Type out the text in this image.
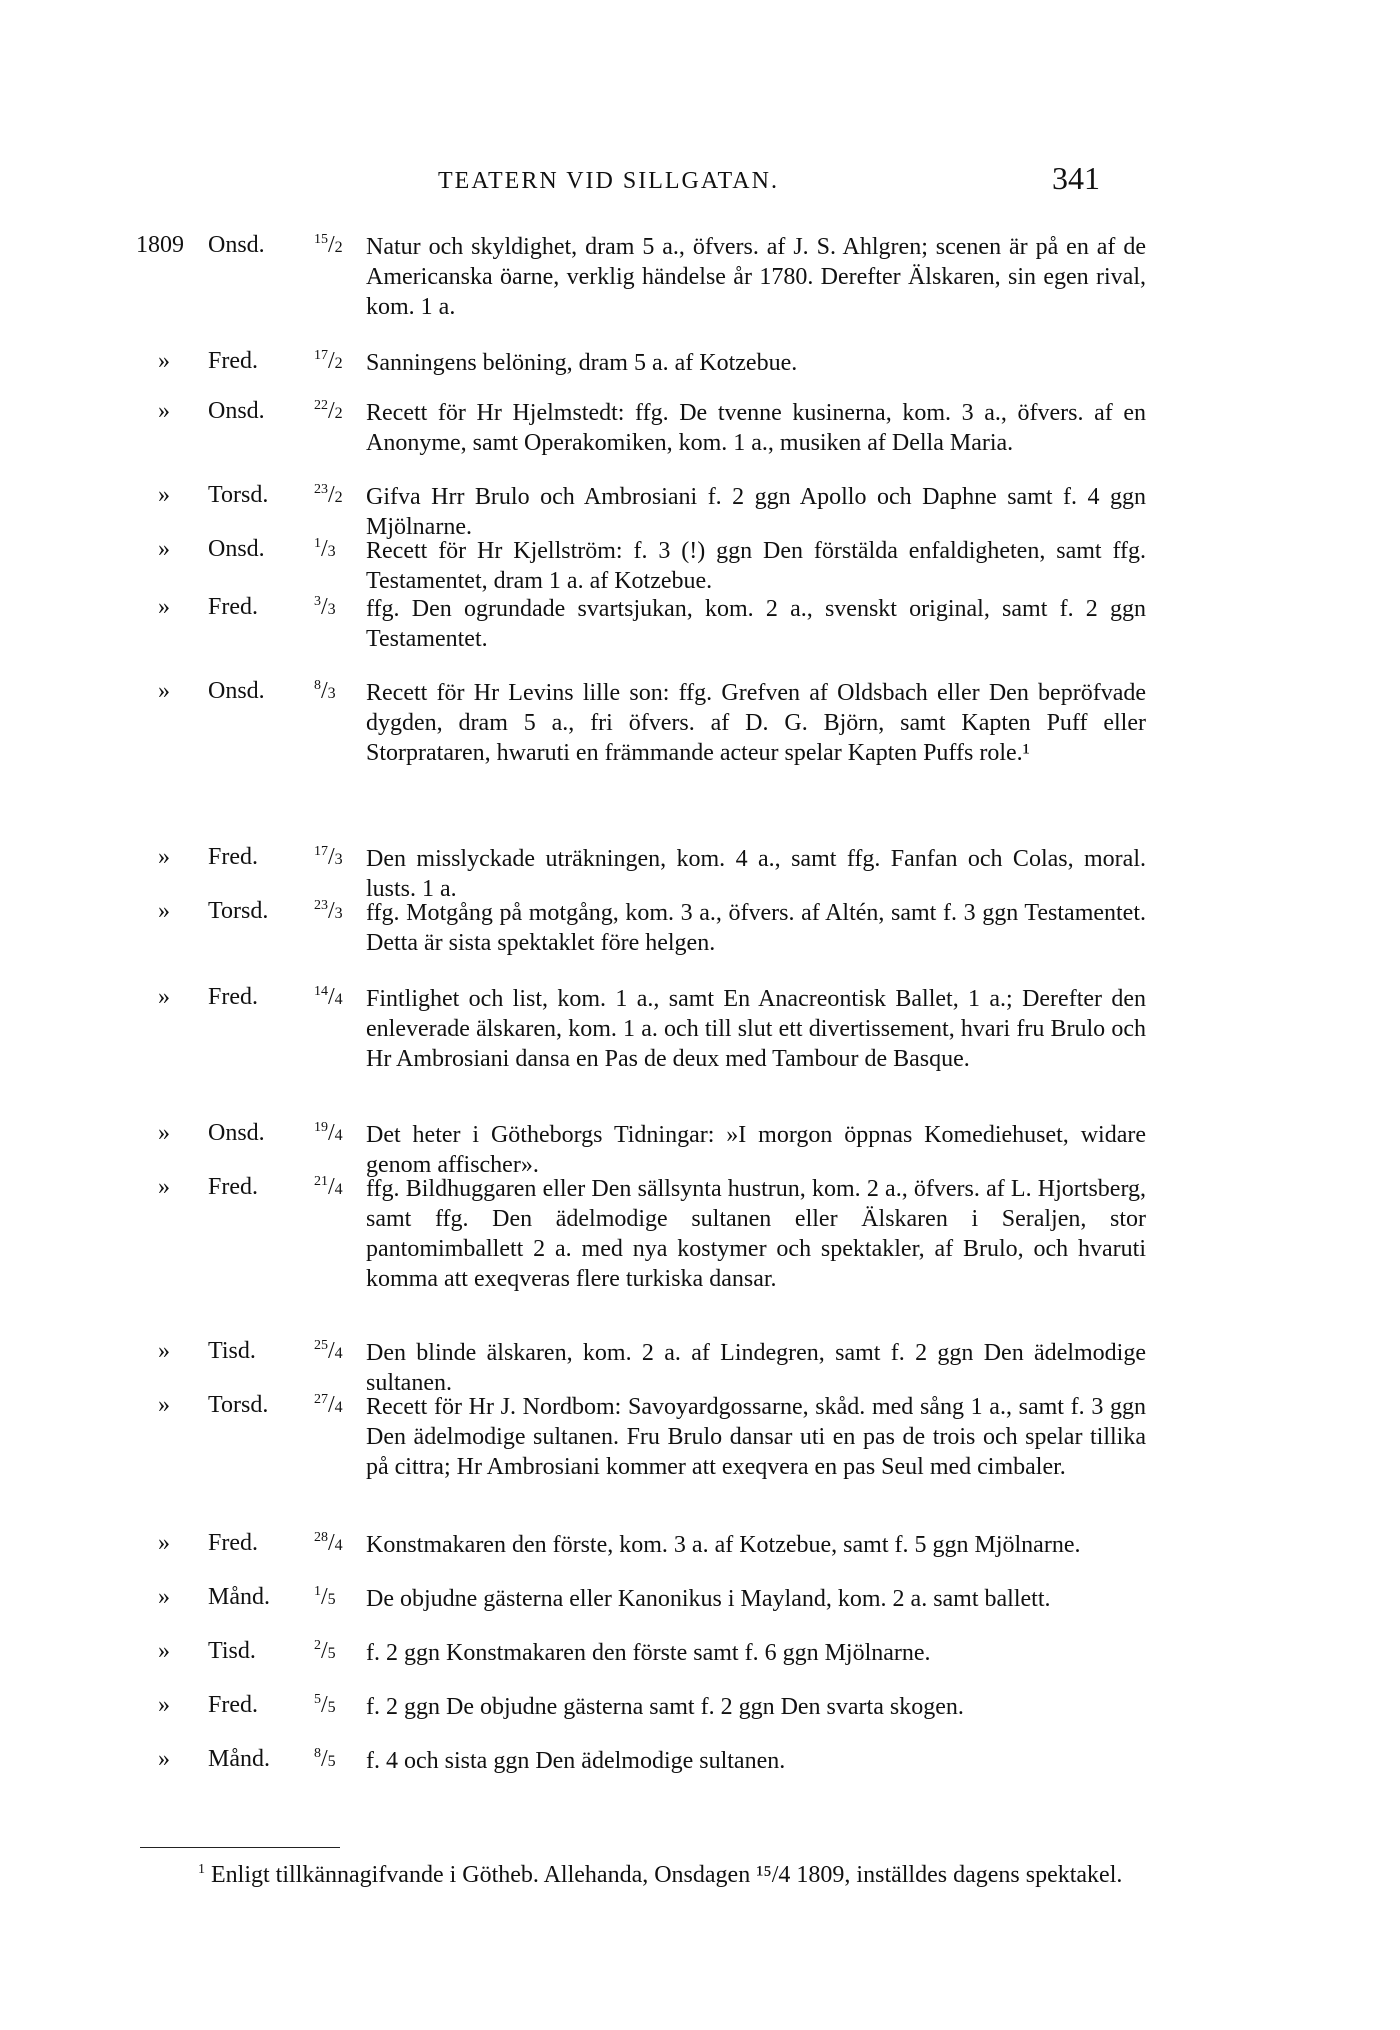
TEATERN VID SILLGATAN.	341
1809 Onsd.	$^{15}$/2 Natur och skyldighet, dram 5 a., öfvers. af J. S. Ahlgren; scenen är på en af de Americanska öarne, verklig händelse år 1780. Derefter Älskaren, sin egen rival, kom. 1 a.
» Fred.	$^{17}$/2 Sanningens belöning, dram 5 a. af Kotzebue.
» Onsd.	$^{22}$/2 Recett för Hr Hjelmstedt: ffg. De tvenne kusinerna, kom. 3 a., öfvers. af en Anonyme, samt Operakomiken, kom. 1 a., musiken af Della Maria.
» Torsd.	$^{23}$/2 Gifva Hrr Brulo och Ambrosiani f. 2 ggn Apollo och Daphne samt f. 4 ggn Mjölnarne.
» Onsd.	$^1$/3	Recett för Hr Kjellström: f. 3 (!) ggn Den förstälda enfaldigheten, samt ffg. Testamentet, dram 1 a. af Kotzebue.
» Fred.	$^3$/3	ffg. Den ogrundade svartsjukan, kom. 2 a., svenskt original, samt f. 2 ggn Testamentet.
» Onsd.	$^8$/3	Recett för Hr Levins lille son: ffg. Grefven af Oldsbach eller Den bepröfvade dygden, dram 5 a., fri öfvers. af D. G. Björn, samt Kapten Puff eller Storprataren, hwaruti en främmande acteur spelar Kapten Puffs role.¹
» Fred.	$^{17}$/3 Den misslyckade uträkningen, kom. 4 a., samt ffg. Fanfan och Colas, moral. lusts. 1 a.
» Torsd.	$^{23}$/3 ffg. Motgång på motgång, kom. 3 a., öfvers. af Altén, samt f. 3 ggn Testamentet. Detta är sista spektaklet före helgen.
» Fred.	$^{14}$/4 Fintlighet och list, kom. 1 a., samt En Anacreontisk Ballet, 1 a.; Derefter den enleverade älskaren, kom. 1 a. och till slut ett divertissement, hvari fru Brulo och Hr Ambrosiani dansa en Pas de deux med Tambour de Basque.
» Onsd.	$^{19}$/4 Det heter i Götheborgs Tidningar: »I morgon öppnas Komediehuset, widare genom affischer».
» Fred.	$^{21}$/4 ffg. Bildhuggaren eller Den sällsynta hustrun, kom. 2 a., öfvers. af L. Hjortsberg, samt ffg. Den ädelmodige sultanen eller Älskaren i Seraljen, stor pantomimballett 2 a. med nya kostymer och spektakler, af Brulo, och hvaruti komma att exeqveras flere turkiska dansar.
» Tisd.	$^{25}$/4 Den blinde älskaren, kom. 2 a. af Lindegren, samt f. 2 ggn Den ädelmodige sultanen.
» Torsd.	$^{27}$/4 Recett för Hr J. Nordbom: Savoyardgossarne, skåd. med sång 1 a., samt f. 3 ggn Den ädelmodige sultanen. Fru Brulo dansar uti en pas de trois och spelar tillika på cittra; Hr Ambrosiani kommer att exeqvera en pas Seul med cimbaler.
» Fred.	$^{28}$/4 Konstmakaren den förste, kom. 3 a. af Kotzebue, samt f. 5 ggn Mjölnarne.
» Månd.	$^1$/5	De objudne gästerna eller Kanonikus i Mayland, kom. 2 a. samt ballett.
» Tisd.	$^2$/5	f. 2 ggn Konstmakaren den förste samt f. 6 ggn Mjölnarne.
» Fred.	$^5$/5	f. 2 ggn De objudne gästerna samt f. 2 ggn Den svarta skogen.
» Månd.	$^8$/5	f. 4 och sista ggn Den ädelmodige sultanen.
$^1$ Enligt tillkännagifvande i Götheb. Allehanda, Onsdagen ¹⁵/4 1809, inställdes dagens spektakel.
